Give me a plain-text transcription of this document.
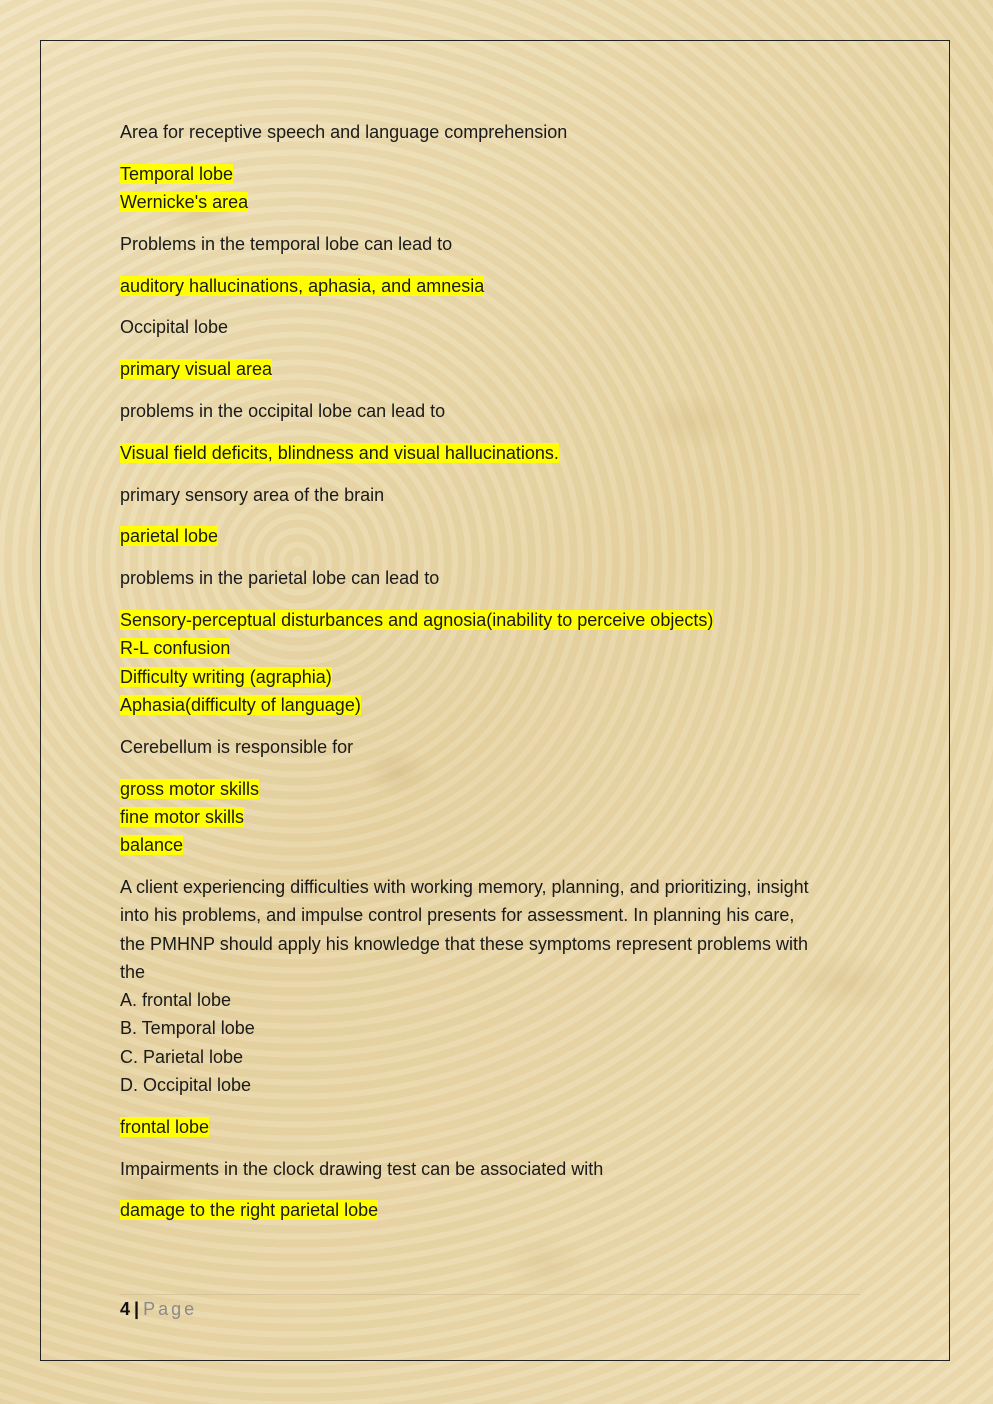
Area for receptive speech and language comprehension

Temporal lobe
Wernicke's area

Problems in the temporal lobe can lead to

auditory hallucinations, aphasia, and amnesia

Occipital lobe

primary visual area

problems in the occipital lobe can lead to

Visual field deficits, blindness and visual hallucinations.

primary sensory area of the brain

parietal lobe

problems in the parietal lobe can lead to

Sensory-perceptual disturbances and agnosia(inability to perceive objects)
R-L confusion
Difficulty writing (agraphia)
Aphasia(difficulty of language)

Cerebellum is responsible for

gross motor skills
fine motor skills
balance

A client experiencing difficulties with working memory, planning, and prioritizing, insight
into his problems, and impulse control presents for assessment. In planning his care,
the PMHNP should apply his knowledge that these symptoms represent problems with
the
A. frontal lobe
B. Temporal lobe
C. Parietal lobe
D. Occipital lobe

frontal lobe

Impairments in the clock drawing test can be associated with

damage to the right parietal lobe

4 | Page
